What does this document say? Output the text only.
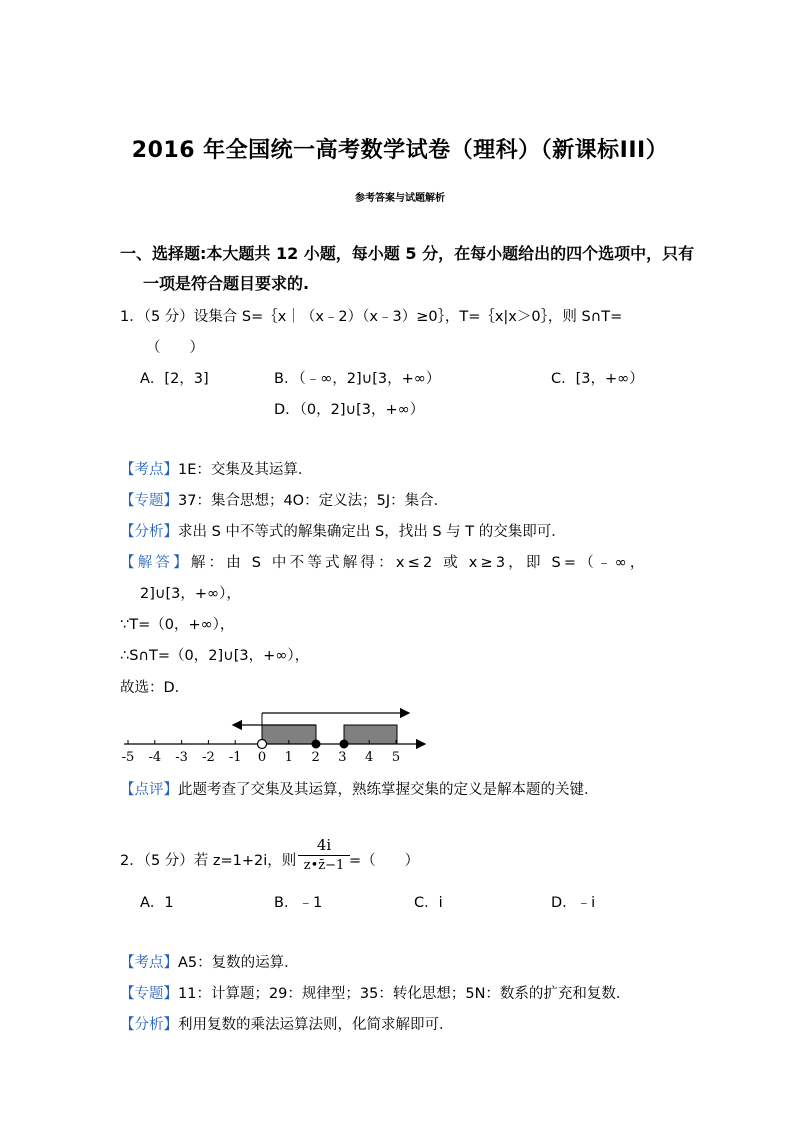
2016 年全国统一高考数学试卷（理科）（新课标III）
参考答案与试题解析
一、选择题:本大题共 12 小题，每小题 5 分，在每小题给出的四个选项中，只有
一项是符合题目要求的.
1．（5 分）设集合 S=｛x｜（x﹣2）（x﹣3）≥0｝，T=｛x|x＞0｝，则 S∩T=
（　　）
A．[2，3]	B．（﹣∞，2]∪[3，+∞）	C．[3，+∞）
D．（0，2]∪[3，+∞）
【考点】1E：交集及其运算．
【专题】37：集合思想；4O：定义法；5J：集合．
【分析】求出 S 中不等式的解集确定出 S，找出 S 与 T 的交集即可．
【解答】解：由 S 中不等式解得：x≤2 或 x≥3，即 S=（﹣∞，
2]∪[3，+∞），
∵T=（0，+∞），
∴S∩T=（0，2]∪[3，+∞），
故选：D．
-5 -4 -3 -2 -1 0 1 2 3 4 5
【点评】此题考查了交集及其运算，熟练掌握交集的定义是解本题的关键．
2．（5 分）若 z=1+2i，则
4i
z•z̄−1 =（　　）
A．1	B．﹣1	C．i	D．﹣i
【考点】A5：复数的运算．
【专题】11：计算题；29：规律型；35：转化思想；5N：数系的扩充和复数．
【分析】利用复数的乘法运算法则，化简求解即可．
